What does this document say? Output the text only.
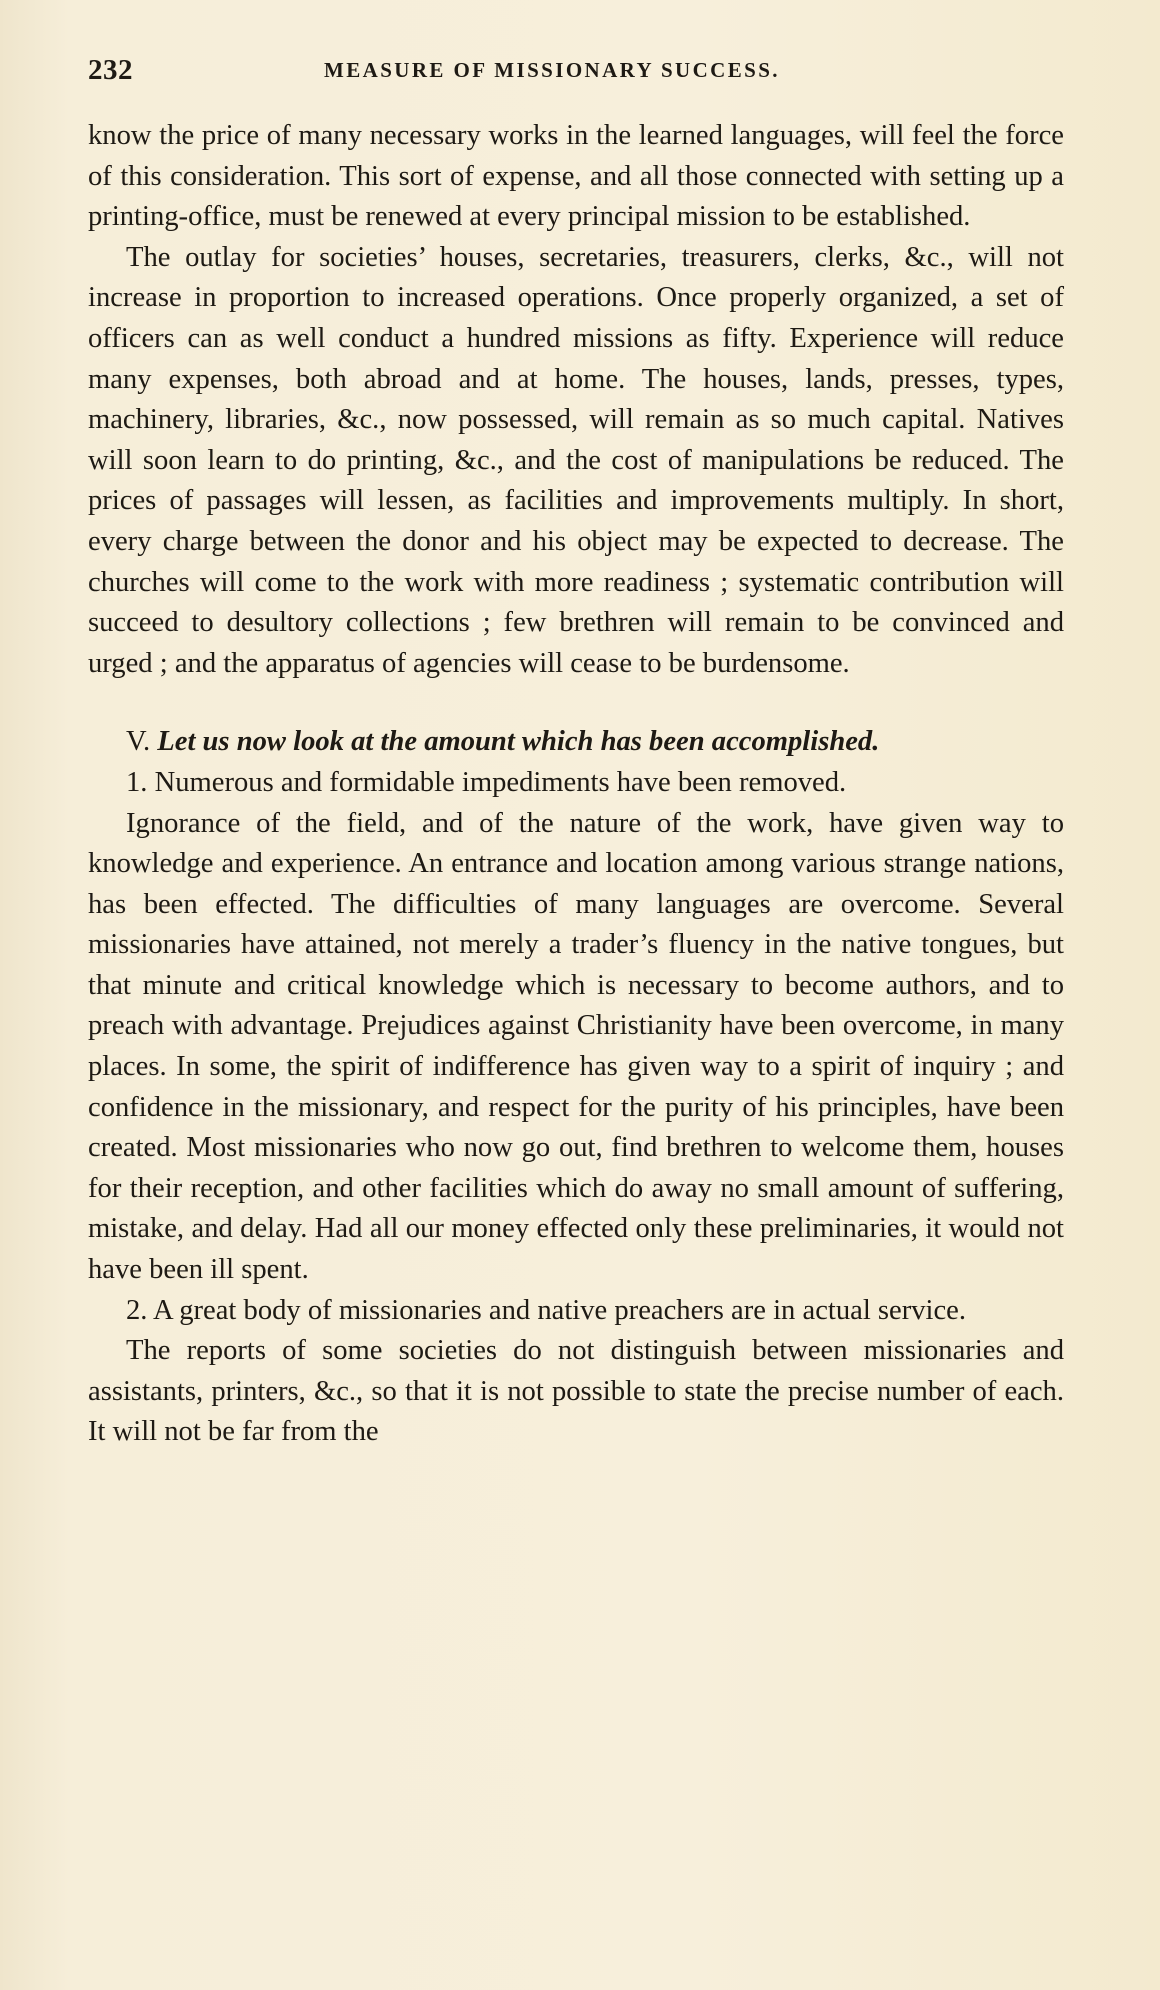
232	MEASURE OF MISSIONARY SUCCESS.

know the price of many necessary works in the learned languages, will feel the force of this consideration. This sort of expense, and all those connected with setting up a printing-office, must be renewed at every principal mission to be established.

The outlay for societies’ houses, secretaries, treasurers, clerks, &c., will not increase in proportion to increased operations. Once properly organized, a set of officers can as well conduct a hundred missions as fifty. Experience will reduce many expenses, both abroad and at home. The houses, lands, presses, types, machinery, libraries, &c., now possessed, will remain as so much capital. Natives will soon learn to do printing, &c., and the cost of manipulations be reduced. The prices of passages will lessen, as facilities and improvements multiply. In short, every charge between the donor and his object may be expected to decrease. The churches will come to the work with more readiness ; systematic contribution will succeed to desultory collections ; few brethren will remain to be convinced and urged ; and the apparatus of agencies will cease to be burdensome.

V. Let us now look at the amount which has been accomplished.

1. Numerous and formidable impediments have been removed.

Ignorance of the field, and of the nature of the work, have given way to knowledge and experience. An entrance and location among various strange nations, has been effected. The difficulties of many languages are overcome. Several missionaries have attained, not merely a trader’s fluency in the native tongues, but that minute and critical knowledge which is necessary to become authors, and to preach with advantage. Prejudices against Christianity have been overcome, in many places. In some, the spirit of indifference has given way to a spirit of inquiry ; and confidence in the missionary, and respect for the purity of his principles, have been created. Most missionaries who now go out, find brethren to welcome them, houses for their reception, and other facilities which do away no small amount of suffering, mistake, and delay. Had all our money effected only these preliminaries, it would not have been ill spent.

2. A great body of missionaries and native preachers are in actual service.

The reports of some societies do not distinguish between missionaries and assistants, printers, &c., so that it is not possible to state the precise number of each. It will not be far from the
